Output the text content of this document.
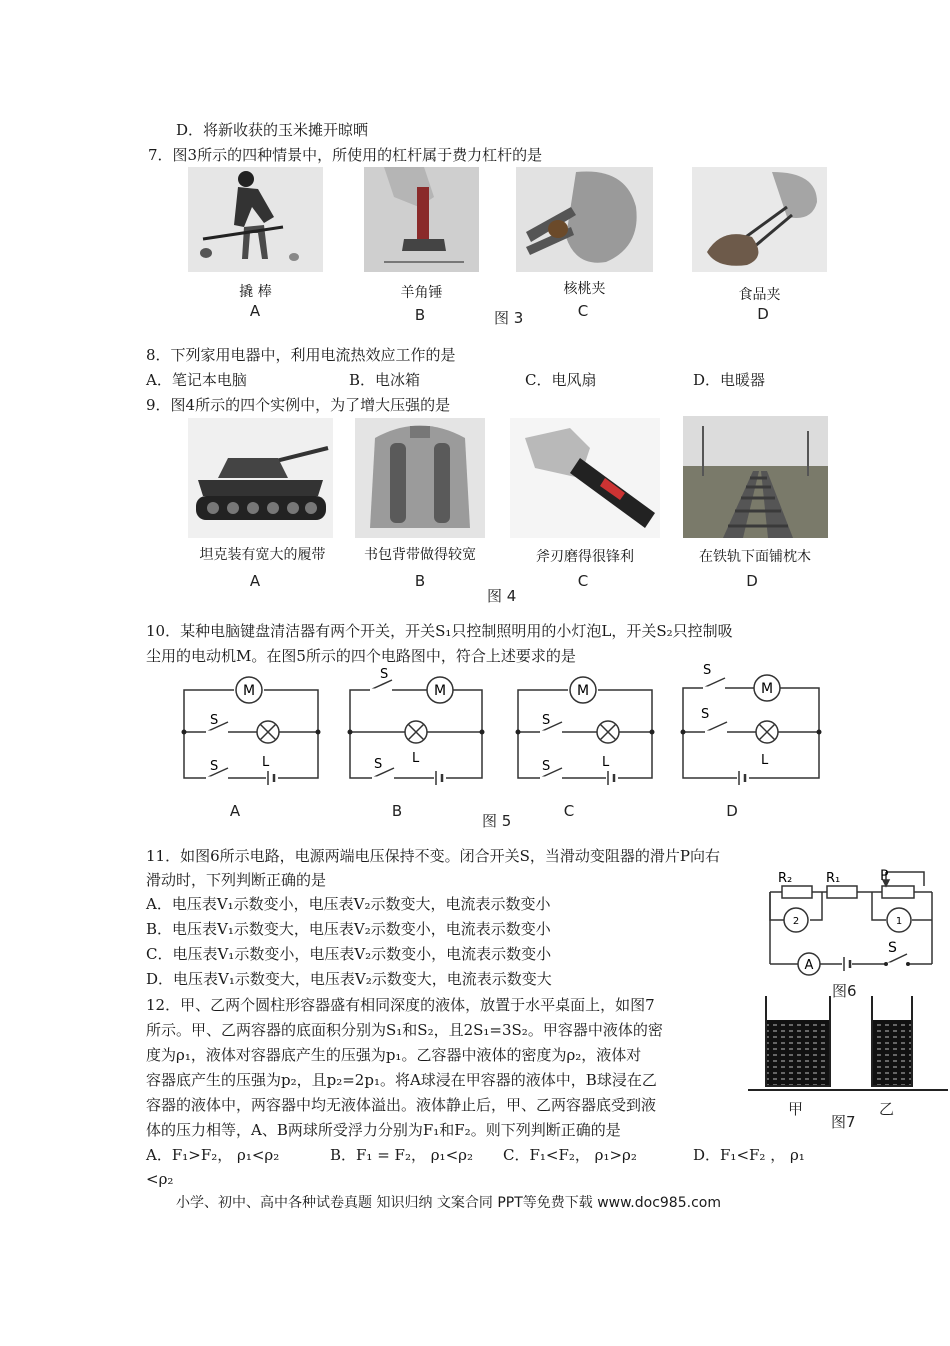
D．将新收获的玉米摊开晾晒
7．图3所示的四种情景中，所使用的杠杆属于费力杠杆的是
撬 棒	羊角锤	核桃夹	食品夹
A	B	C	D
图 3
8．下列家用电器中，利用电流热效应工作的是
A．笔记本电脑	B．电冰箱	C．电风扇	D．电暖器
9．图4所示的四个实例中，为了增大压强的是
坦克装有宽大的履带	书包背带做得较宽	斧刃磨得很锋利	在铁轨下面铺枕木
A	B	C	D
图 4
10．某种电脑键盘清洁器有两个开关，开关S₁只控制照明用的小灯泡L，开关S₂只控制吸
尘用的电动机M。在图5所示的四个电路图中，符合上述要求的是
M
S
S	L
M
S
S L
M
S
S	L
M
S
S
L
A	B	C	D
图 5
11．如图6所示电路，电源两端电压保持不变。闭合开关S，当滑动变阻器的滑片P向右
滑动时，下列判断正确的是
A．电压表V₁示数变小，电压表V₂示数变大，电流表示数变小
B．电压表V₁示数变大，电压表V₂示数变小，电流表示数变小
C．电压表V₁示数变小，电压表V₂示数变小，电流表示数变小
D．电压表V₁示数变大，电压表V₂示数变大，电流表示数变大
R₂	R₁	P
2	1
A
S
图6
12．甲、乙两个圆柱形容器盛有相同深度的液体，放置于水平桌面上，如图7
所示。甲、乙两容器的底面积分别为S₁和S₂，且2S₁=3S₂。甲容器中液体的密
度为ρ₁，液体对容器底产生的压强为p₁。乙容器中液体的密度为ρ₂，液体对
容器底产生的压强为p₂，且p₂=2p₁。将A球浸在甲容器的液体中，B球浸在乙
容器的液体中，两容器中均无液体溢出。液体静止后，甲、乙两容器底受到液
体的压力相等，A、B两球所受浮力分别为F₁和F₂。则下列判断正确的是
A．F₁>F₂， ρ₁<ρ₂	B．F₁ = F₂， ρ₁<ρ₂ C．F₁<F₂， ρ₁>ρ₂	D．F₁<F₂ ， ρ₁
<ρ₂
甲	乙
图7
小学、初中、高中各种试卷真题 知识归纳 文案合同 PPT等免费下载 www.doc985.com
